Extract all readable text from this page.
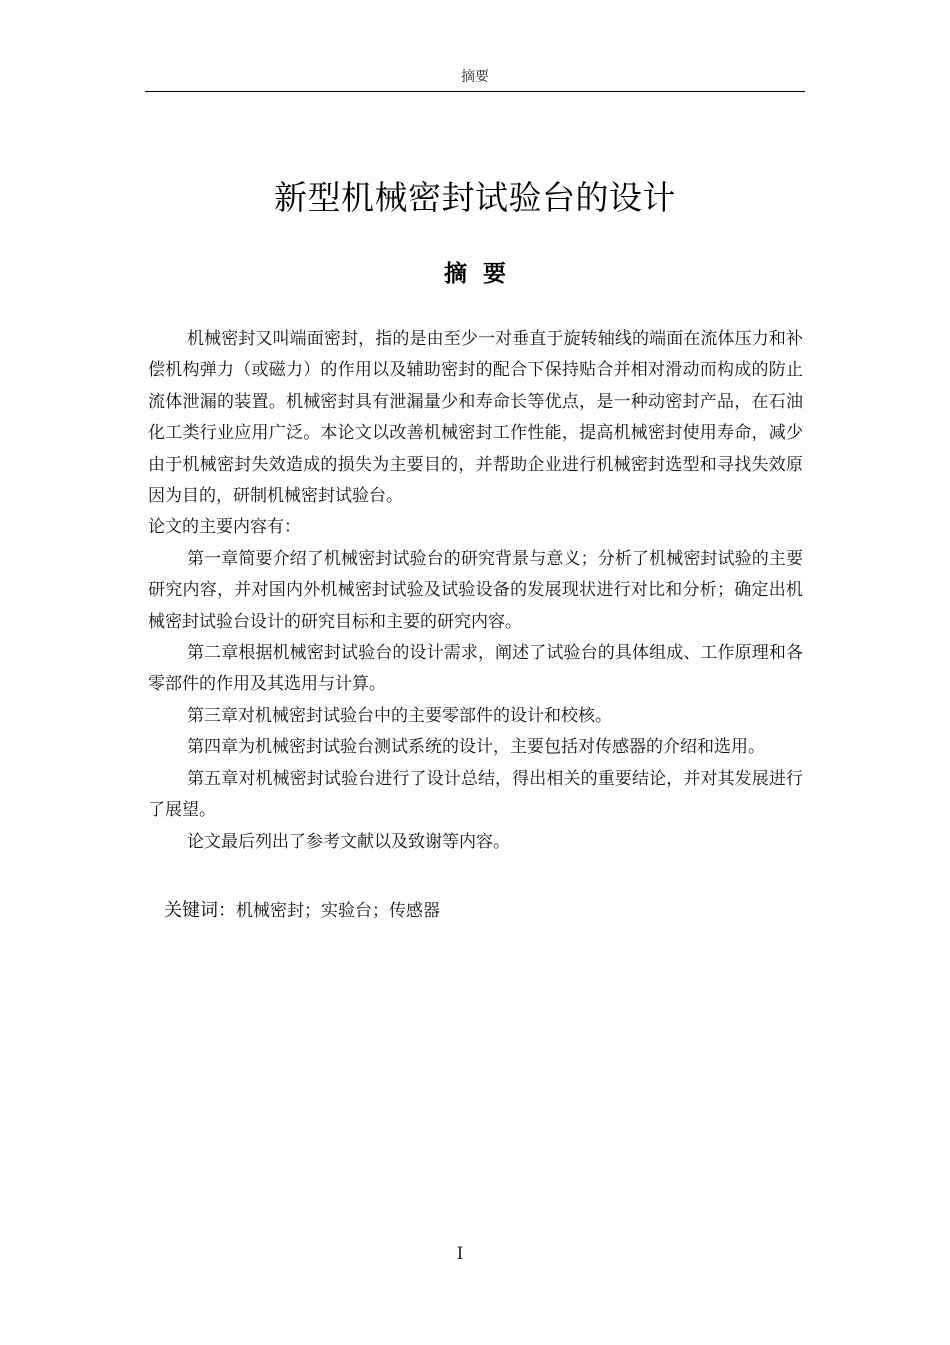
摘要
新型机械密封试验台的设计
摘要

机械密封又叫端面密封，指的是由至少一对垂直于旋转轴线的端面在流体压力和补偿机构弹力（或磁力）的作用以及辅助密封的配合下保持贴合并相对滑动而构成的防止流体泄漏的装置。机械密封具有泄漏量少和寿命长等优点，是一种动密封产品，在石油化工类行业应用广泛。本论文以改善机械密封工作性能，提高机械密封使用寿命，减少由于机械密封失效造成的损失为主要目的，并帮助企业进行机械密封选型和寻找失效原因为目的，研制机械密封试验台。

论文的主要内容有：

第一章简要介绍了机械密封试验台的研究背景与意义；分析了机械密封试验的主要研究内容，并对国内外机械密封试验及试验设备的发展现状进行对比和分析；确定出机械密封试验台设计的研究目标和主要的研究内容。

第二章根据机械密封试验台的设计需求，阐述了试验台的具体组成、工作原理和各零部件的作用及其选用与计算。

第三章对机械密封试验台中的主要零部件的设计和校核。

第四章为机械密封试验台测试系统的设计，主要包括对传感器的介绍和选用。

第五章对机械密封试验台进行了设计总结，得出相关的重要结论，并对其发展进行了展望。

论文最后列出了参考文献以及致谢等内容。

关键词：机械密封；实验台；传感器
I
